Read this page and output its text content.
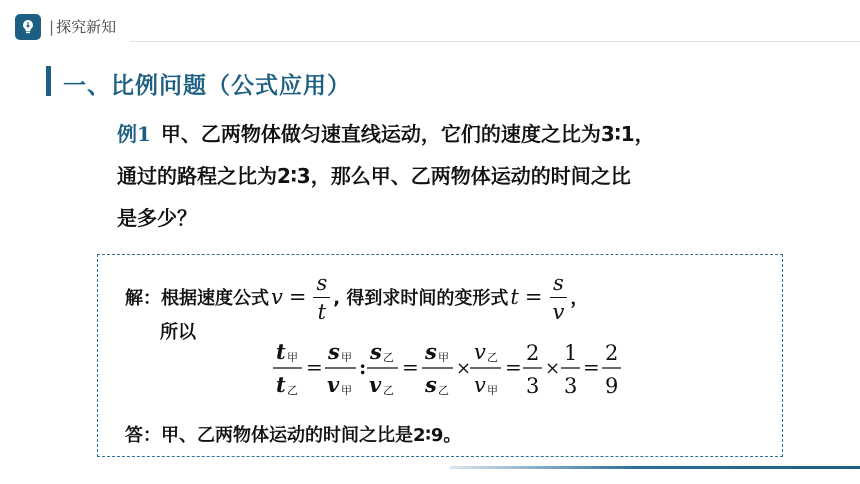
| 探究新知
一、比例问题（公式应用）
例1 甲、乙两物体做匀速直线运动，它们的速度之比为3∶1，
通过的路程之比为2∶3，那么甲、乙两物体运动的时间之比
是多少？
解：根据速度公式 $v = \frac{s}{t}$ , 得到求时间的变形式 $t = \frac{s}{v}$ ，
所以
t 甲
t 乙
=
s 甲
v 甲
:
s 乙
v 乙
=
s 甲
s 乙
×
v 乙
v 甲
=
2
3
×
1
3
=
2
9
答：甲、乙两物体运动的时间之比是2∶9。
